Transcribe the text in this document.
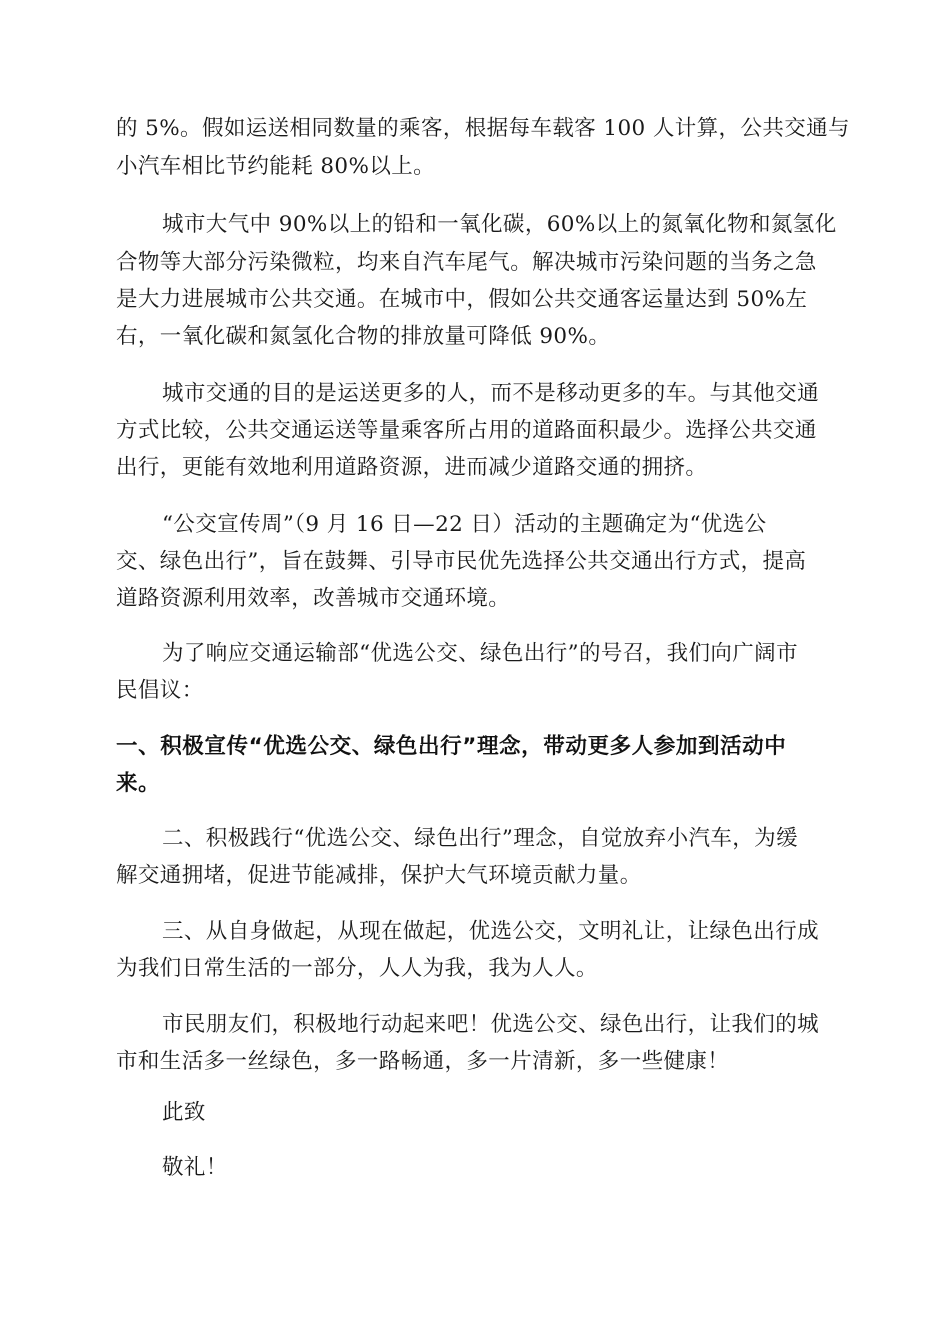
的 5%。假如运送相同数量的乘客，根据每车载客 100 人计算，公共交通与

小汽车相比节约能耗 80%以上。

城市大气中 90%以上的铅和一氧化碳，60%以上的氮氧化物和氮氢化

合物等大部分污染微粒，均来自汽车尾气。解决城市污染问题的当务之急

是大力进展城市公共交通。在城市中，假如公共交通客运量达到 50%左

右，一氧化碳和氮氢化合物的排放量可降低 90%。

城市交通的目的是运送更多的人，而不是移动更多的车。与其他交通

方式比较，公共交通运送等量乘客所占用的道路面积最少。选择公共交通

出行，更能有效地利用道路资源，进而减少道路交通的拥挤。

“公交宣传周”（9 月 16 日—22 日）活动的主题确定为“优选公

交、绿色出行”，旨在鼓舞、引导市民优先选择公共交通出行方式，提高

道路资源利用效率，改善城市交通环境。

为了响应交通运输部“优选公交、绿色出行”的号召，我们向广阔市

民倡议：

一、积极宣传“优选公交、绿色出行”理念，带动更多人参加到活动中

来。

二、积极践行“优选公交、绿色出行”理念，自觉放弃小汽车，为缓

解交通拥堵，促进节能减排，保护大气环境贡献力量。

三、从自身做起，从现在做起，优选公交，文明礼让，让绿色出行成

为我们日常生活的一部分，人人为我，我为人人。

市民朋友们，积极地行动起来吧！优选公交、绿色出行，让我们的城

市和生活多一丝绿色，多一路畅通，多一片清新，多一些健康！

此致

敬礼！
